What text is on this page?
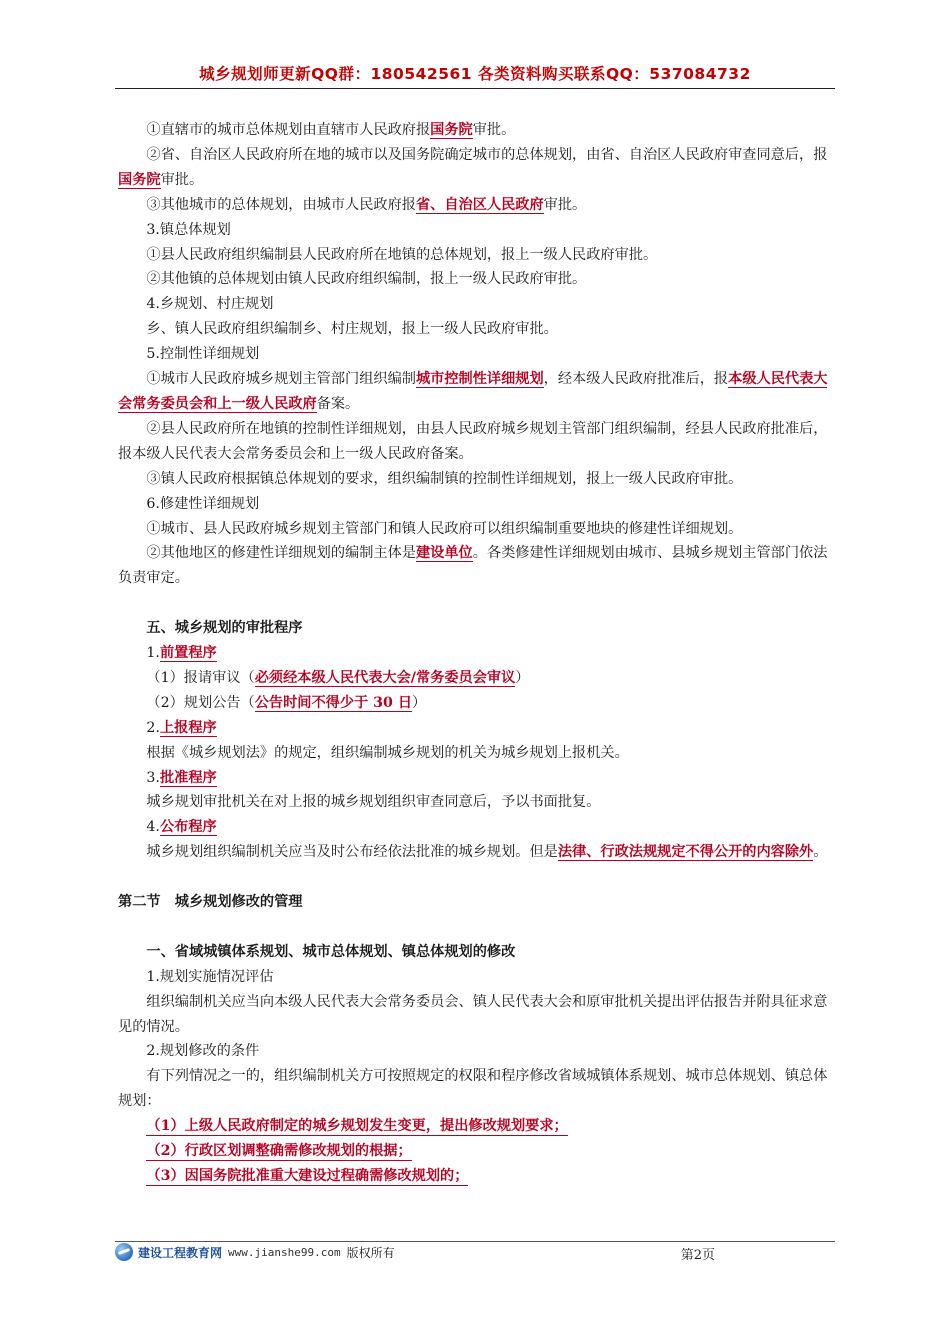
城乡规划师更新QQ群：180542561 各类资料购买联系QQ：537084732

①直辖市的城市总体规划由直辖市人民政府报国务院审批。

②省、自治区人民政府所在地的城市以及国务院确定城市的总体规划，由省、自治区人民政府审查同意后，报国务院审批。

③其他城市的总体规划，由城市人民政府报省、自治区人民政府审批。

3.镇总体规划

①县人民政府组织编制县人民政府所在地镇的总体规划，报上一级人民政府审批。

②其他镇的总体规划由镇人民政府组织编制，报上一级人民政府审批。

4.乡规划、村庄规划

乡、镇人民政府组织编制乡、村庄规划，报上一级人民政府审批。

5.控制性详细规划

①城市人民政府城乡规划主管部门组织编制城市控制性详细规划，经本级人民政府批准后，报本级人民代表大会常务委员会和上一级人民政府备案。

②县人民政府所在地镇的控制性详细规划，由县人民政府城乡规划主管部门组织编制，经县人民政府批准后，报本级人民代表大会常务委员会和上一级人民政府备案。

③镇人民政府根据镇总体规划的要求，组织编制镇的控制性详细规划，报上一级人民政府审批。

6.修建性详细规划

①城市、县人民政府城乡规划主管部门和镇人民政府可以组织编制重要地块的修建性详细规划。

②其他地区的修建性详细规划的编制主体是建设单位。各类修建性详细规划由城市、县城乡规划主管部门依法负责审定。

五、城乡规划的审批程序

1.前置程序

（1）报请审议（必须经本级人民代表大会/常务委员会审议）

（2）规划公告（公告时间不得少于 30 日）

2.上报程序

根据《城乡规划法》的规定，组织编制城乡规划的机关为城乡规划上报机关。

3.批准程序

城乡规划审批机关在对上报的城乡规划组织审查同意后，予以书面批复。

4.公布程序

城乡规划组织编制机关应当及时公布经依法批准的城乡规划。但是法律、行政法规规定不得公开的内容除外。

第二节　城乡规划修改的管理

一、省域城镇体系规划、城市总体规划、镇总体规划的修改

1.规划实施情况评估

组织编制机关应当向本级人民代表大会常务委员会、镇人民代表大会和原审批机关提出评估报告并附具征求意见的情况。

2.规划修改的条件

有下列情况之一的，组织编制机关方可按照规定的权限和程序修改省域城镇体系规划、城市总体规划、镇总体规划：

（1）上级人民政府制定的城乡规划发生变更，提出修改规划要求；

（2）行政区划调整确需修改规划的根据；

（3）因国务院批准重大建设过程确需修改规划的；

建设工程教育网 www.jianshe99.com 版权所有	第2页
